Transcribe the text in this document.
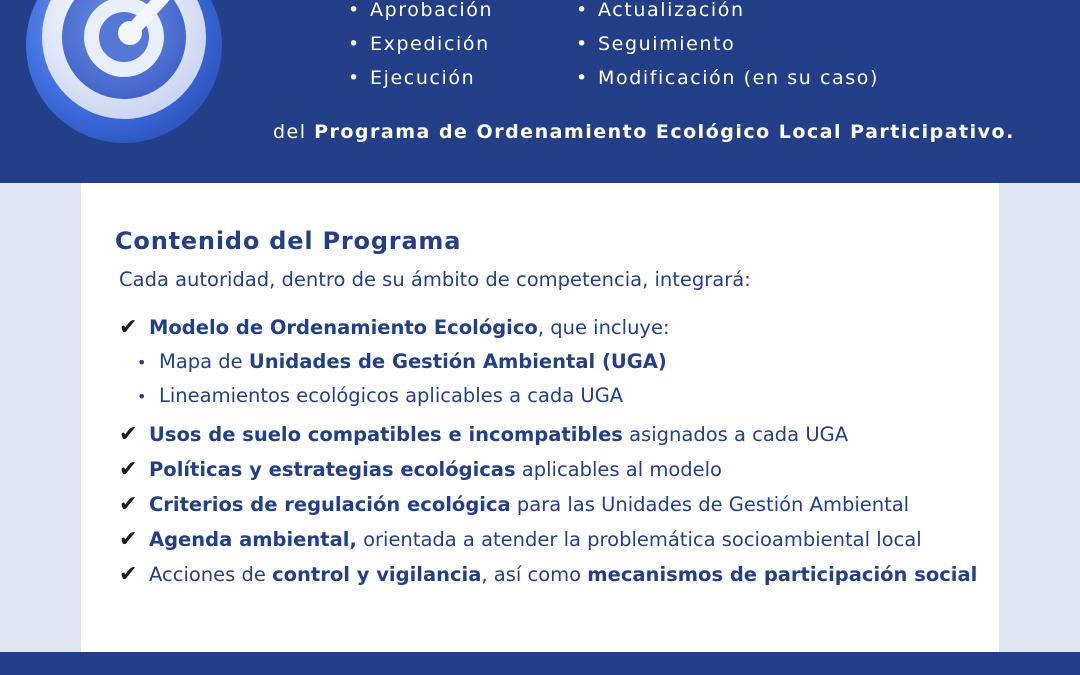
• Aprobación
• Expedición
• Ejecución
• Actualización
• Seguimiento
• Modificación (en su caso)
del Programa de Ordenamiento Ecológico Local Participativo.
Contenido del Programa

Cada autoridad, dentro de su ámbito de competencia, integrará:

✔ Modelo de Ordenamiento Ecológico, que incluye:
• Mapa de Unidades de Gestión Ambiental (UGA)
• Lineamientos ecológicos aplicables a cada UGA
✔ Usos de suelo compatibles e incompatibles asignados a cada UGA
✔ Políticas y estrategias ecológicas aplicables al modelo
✔ Criterios de regulación ecológica para las Unidades de Gestión Ambiental
✔ Agenda ambiental, orientada a atender la problemática socioambiental local
✔ Acciones de control y vigilancia, así como mecanismos de participación social
